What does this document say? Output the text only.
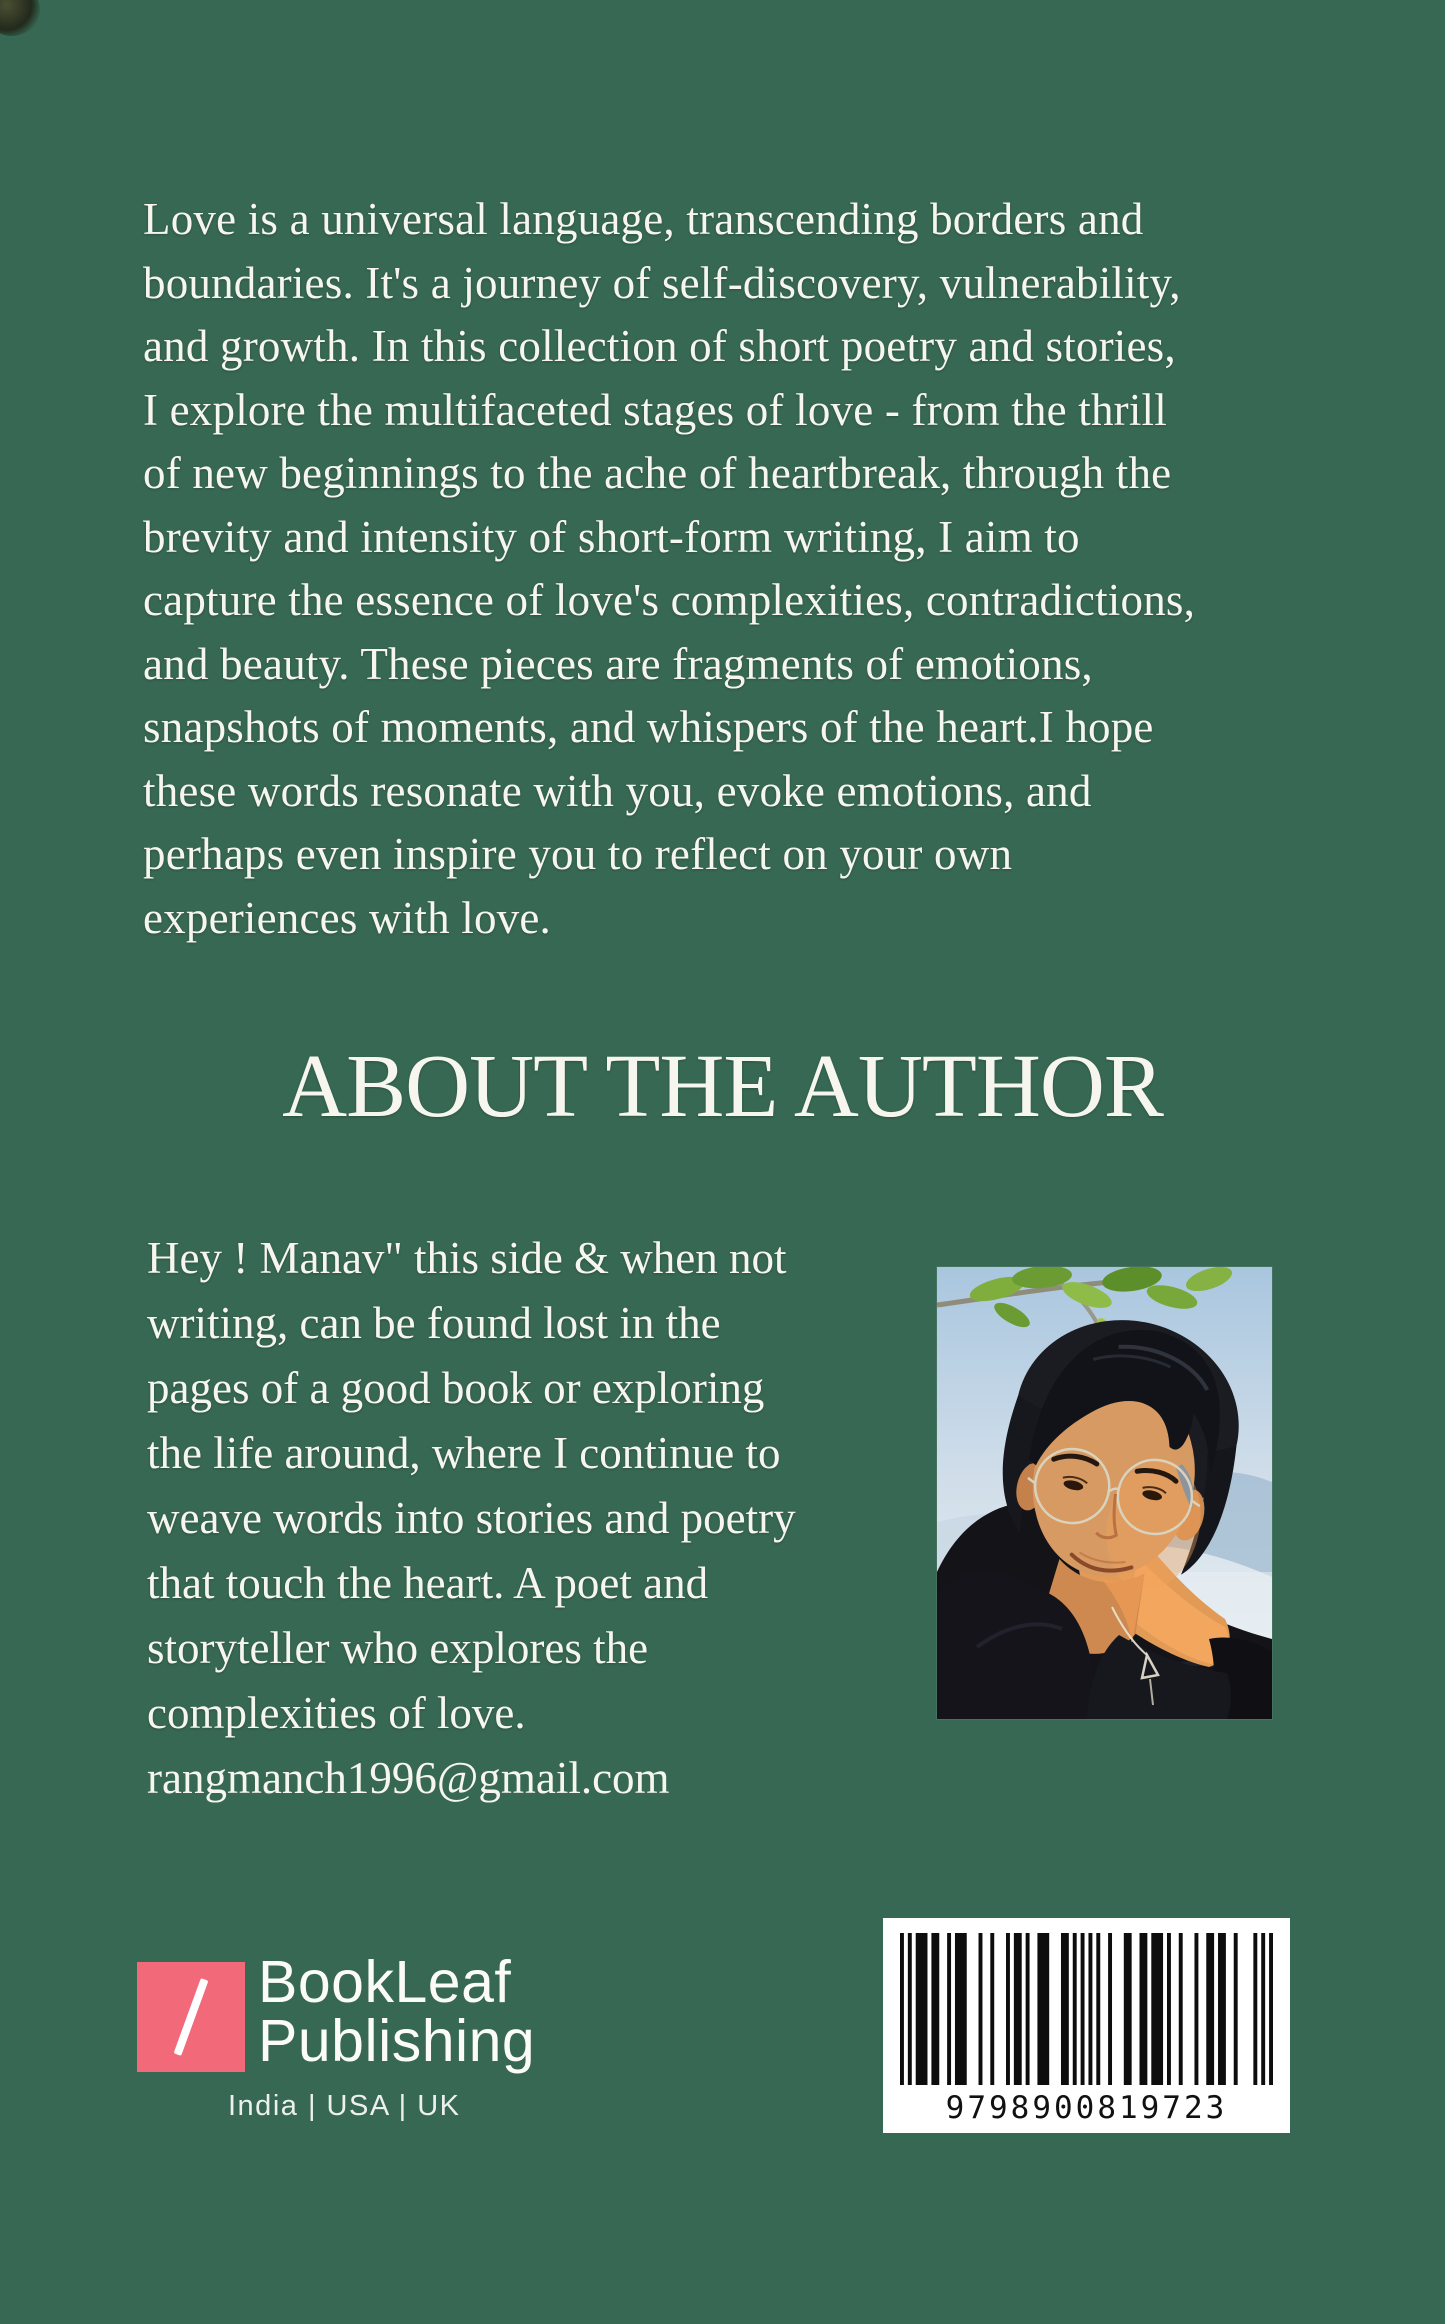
Love is a universal language, transcending borders and
boundaries. It's a journey of self-discovery, vulnerability,
and growth. In this collection of short poetry and stories,
I explore the multifaceted stages of love - from the thrill
of new beginnings to the ache of heartbreak, through the
brevity and intensity of short-form writing, I aim to
capture the essence of love's complexities, contradictions,
and beauty. These pieces are fragments of emotions,
snapshots of moments, and whispers of the heart.I hope
these words resonate with you, evoke emotions, and
perhaps even inspire you to reflect on your own
experiences with love.
ABOUT THE AUTHOR
Hey ! Manav" this side & when not
writing, can be found lost in the
pages of a good book or exploring
the life around, where I continue to
weave words into stories and poetry
that touch the heart. A poet and
storyteller who explores the
complexities of love.
rangmanch1996@gmail.com
BookLeaf
Publishing
India | USA | UK	9798900819723
